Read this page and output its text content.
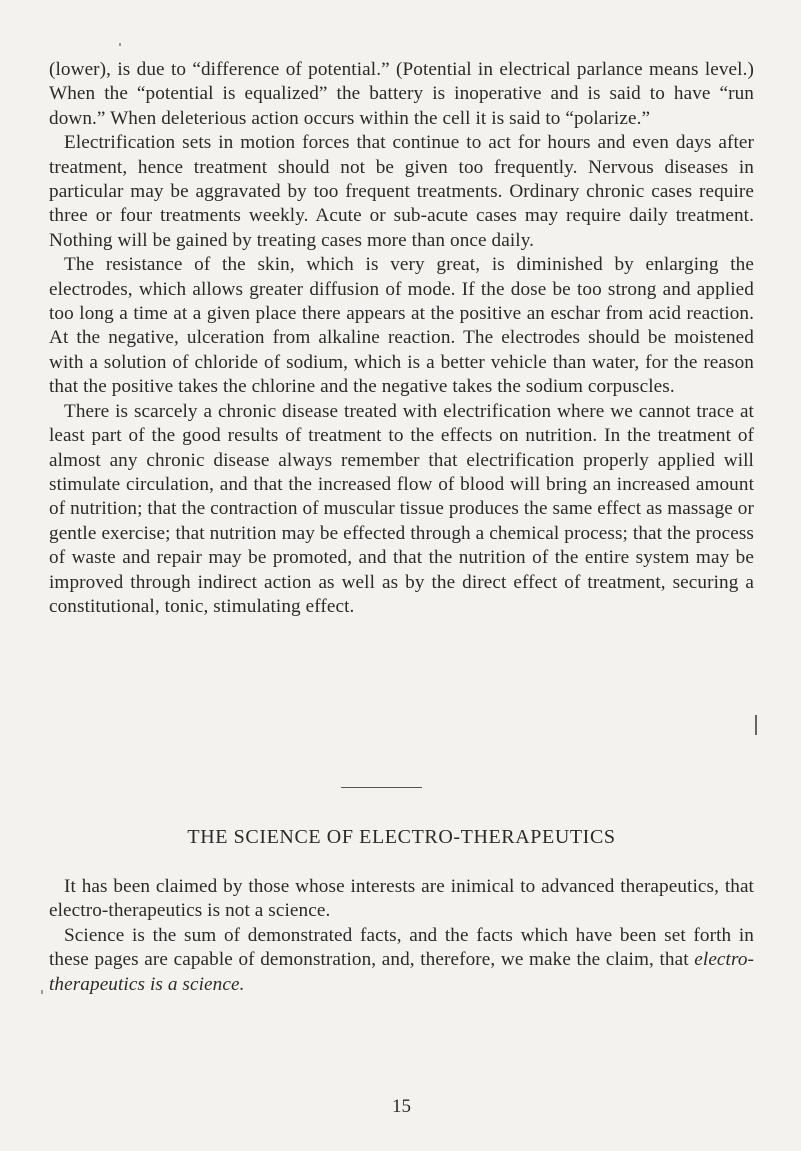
(lower), is due to “difference of potential.” (Potential in electrical parlance means level.) When the “potential is equalized” the battery is inoperative and is said to have “run down.” When deleterious action occurs within the cell it is said to “polarize.”

Electrification sets in motion forces that continue to act for hours and even days after treatment, hence treatment should not be given too frequently. Nervous diseases in particular may be aggravated by too frequent treatments. Ordinary chronic cases require three or four treatments weekly. Acute or sub-acute cases may require daily treatment. Nothing will be gained by treating cases more than once daily.

The resistance of the skin, which is very great, is diminished by enlarging the electrodes, which allows greater diffusion of mode. If the dose be too strong and applied too long a time at a given place there appears at the positive an eschar from acid reaction. At the negative, ulceration from alkaline reaction. The electrodes should be moistened with a solution of chloride of sodium, which is a better vehicle than water, for the reason that the positive takes the chlorine and the negative takes the sodium corpuscles.

There is scarcely a chronic disease treated with electrification where we cannot trace at least part of the good results of treatment to the effects on nutrition. In the treatment of almost any chronic disease always remember that electrification properly applied will stimulate circulation, and that the increased flow of blood will bring an increased amount of nutrition; that the contraction of muscular tissue produces the same effect as massage or gentle exercise; that nutrition may be effected through a chemical process; that the process of waste and repair may be promoted, and that the nutrition of the entire system may be improved through indirect action as well as by the direct effect of treatment, securing a constitutional, tonic, stimulating effect.

THE SCIENCE OF ELECTRO-THERAPEUTICS

It has been claimed by those whose interests are inimical to advanced therapeutics, that electro-therapeutics is not a science.

Science is the sum of demonstrated facts, and the facts which have been set forth in these pages are capable of demonstration, and, therefore, we make the claim, that electro-therapeutics is a science.

15
